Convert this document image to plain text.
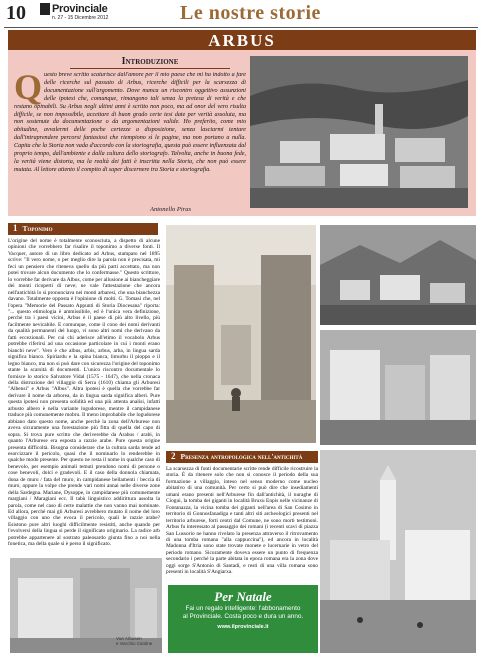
10	Provinciale
n. 27 - 15 Dicembre 2012	Le nostre storie
ARBUS
Introduzione
Questo breve scritto scaturisce dall'amore per il mio paese che mi ha indotto a fare delle ricerche sul passato di Arbus, ricerche difficili per la scarsezza di documentazione sull'argomento. Dove manca un riscontro oggettivo assunzioni delle ipotesi che, comunque, rimangono tali senza la pretesa di verità e che restano opinabili. Su Arbus negli ultimi anni è scritto non poco, ma ad onor del vero risulta difficile, se non impossibile, accettare di buon grado certe tesi date per verità assoluta, ma non sostenute da documentazione o da argomentazioni valide. Ho preferito, come mio abitudine, avvalermi delle poche certezze a disposizione, senza lasciarmi tentare dall'intraprendere percorsi fantasiosi che riempiono sì le pagine, ma non portano a nulla. Capita che la Storia non vada d'accordo con la storiografia, questa può essere influenzata dal proprio tempo, dall'ambiente e dalla cultura dello storiografo. Talvolta, anche in buona fede, la verità viene distorta, ma la realtà dei fatti è inscritta nella Storia, che non può essere mutata. Al lettore attento il compito di saper discernere tra Storia e storiografia.
Antonello Piras
1 Toponimo
L'origine del nome è totalmente sconosciuta, a dispetto di alcune opinioni che vorrebbero far risalire il toponimo a diverse fonti. Il Vacquer, autore di un libro dedicato ad Arbus, stampato nel 1895 scrive: "Il vero nome, o per meglio dire la parola non è precisata, mi feci un pensiero che riteneva quello da più parti accettato, ma non potei trovare alcun documento che lo confermasse." Questo scrittore, lo vorrebbe far derivare da Albus, come per allusione ai biancheggiare dei monti ricoperti di neve; ne vale l'attestazione che ancora nell'antichità lo si pronunciava nei monti arbaresi, che una bianchezza davano. Totalmente opposta è l'opinione di molti. G. Tomasi che, nel l'opera "Memorie del Passato Appunti di Storia Diocesana" riporta: "... questo etimologia è ammissibile, ed è l'unica vera definizione, perchè tra i paesi vicini, Arbus è il paese di più alto livello, più facilmente nevicabile. E comunque, come il cono dei nomi derivanti da qualità permanenti del luogo, vi sono altri nomi che derivano da fatti eccezionali. Per cui chi aderisce all'etimo il vocabolo Arbus potrebbe riferirsi ad una occasione particolare in cui i monti erano bianchi neve". Vero è che albus, arbis, arbus, arba, in lingua sarda significa bianco. Spiriardu e la spina bianca, limurbu il pioppo e il legno bianco, ma non si può dare con sicurezza l'origine del toponimo stante la scarsità di documenti. L'unico riscontro documentale lo fornisce lo storico Salvatore Vidal (1575 - 1647), che nella cronaca della distruzione del villaggio di Serra (1610) chiama gli Arburesi "Albensi" e Arbus "Albus". Altra ipotesi è quella che vorrebbe far derivare il nome da arborea, da in lingua sarda significa alberi. Pure questa ipotesi non presenta solidità ed una più attenta analisi, infatti arbusto albero è nella variante logudorese, mentre il campidanese traduce più comunemente mobru. Il meno improbabile che logudorese abbiano dato questo nome, anche perchè la zona dell'Arburese non aveva sicuramente una forestazione più fitta di quella del capo di sopra. Si trova pure scritto che deriverebbe da Arabus / arabi, in quanto l'Arburese era esposta a razzie arabe. Pure questa origine presenta difficoltà. Bisogna considerare che la cultura sarda tende ad esorcizzare il pericolo, quasi che il nominarlo lo renderebbe in qualche modo presente. Per questo ne resta il nome in qualche caso di benevolo, per esempio animali temuti prendono nomi di persone o cose benevoli, dolci e gradevoli. E il caso della donnola chiamata, dona de muru / fata del muro, in campidanese bellamenti / beccia di muro, oppure la volpe che prende vari nomi annai nelle diverse zone della Sardegna. Mariane, Dysoppe, in campidanese più comunemente margiani / Maragiani ecc. Il tabù linguistico addirittura assolta la parola, come nel caso di certe malattie che non vanno mai nominate. Ed allora, perchè mai gli Arburesi avrebbero mutato il nome del loro villaggio con uno che evoca il pericolo, quali le razzie arabe? Esistono pure altri luoghi difficilmente resistiti, anche quando per l'evolversi della lingua si perde il significato originario. La radice arb potrebbe appartenere al sostrato paleosardo giunta fino a noi nella fonetica, ma della quale si è perso il significato.
Vue Arbusen
e Vecchio Cantine
2 Presenza antropologica nell'antichità
La scarsezza di fonti documentarie scritte rende difficile ricostruire la storia. È da ritenere solo che non si conosce il periodo della sua formazione a villaggio, inteso nel senso moderno come nucleo abitativo di una comunità. Per certo si può dire che insediamenti umani erano presenti nell'Arburese fin dall'antichità, il nuraghe di Ciogui, la tomba dei giganti in località Bruxu Enpis nelle vicinanze di Fontanazza, la vicina tomba dei giganti nell'area di San Cosimo in territorio di Gonnosfanadiga e tanti altri siti archeologici presenti nel territorio arburese, forti centri dal Comune, ne sono morti testimoni. Arbus fu interessato al passaggio dei romani (i recenti scavi di piazza San Lussorio ne hanno rivelato la presenza attraverso il ritrovamento di una tomba romana "alla cappuccina"), ed ancora in località Madonna d'Itria sono state trovate monete e lucernarie in vetro del periodo romano. Sicuramente doveva essere un punto di frequenza secondario i perché la parte abitata in epoca romana era la zona dove oggi sorge S'Antonio di Santadi, e resti di una villa romana sono presenti in località S'Angiarxa.
Per Natale
Fai un regalo intelligente: l'abbonamento
al Provinciale. Costa poco e dura un anno.
www.ilprovinciale.it
